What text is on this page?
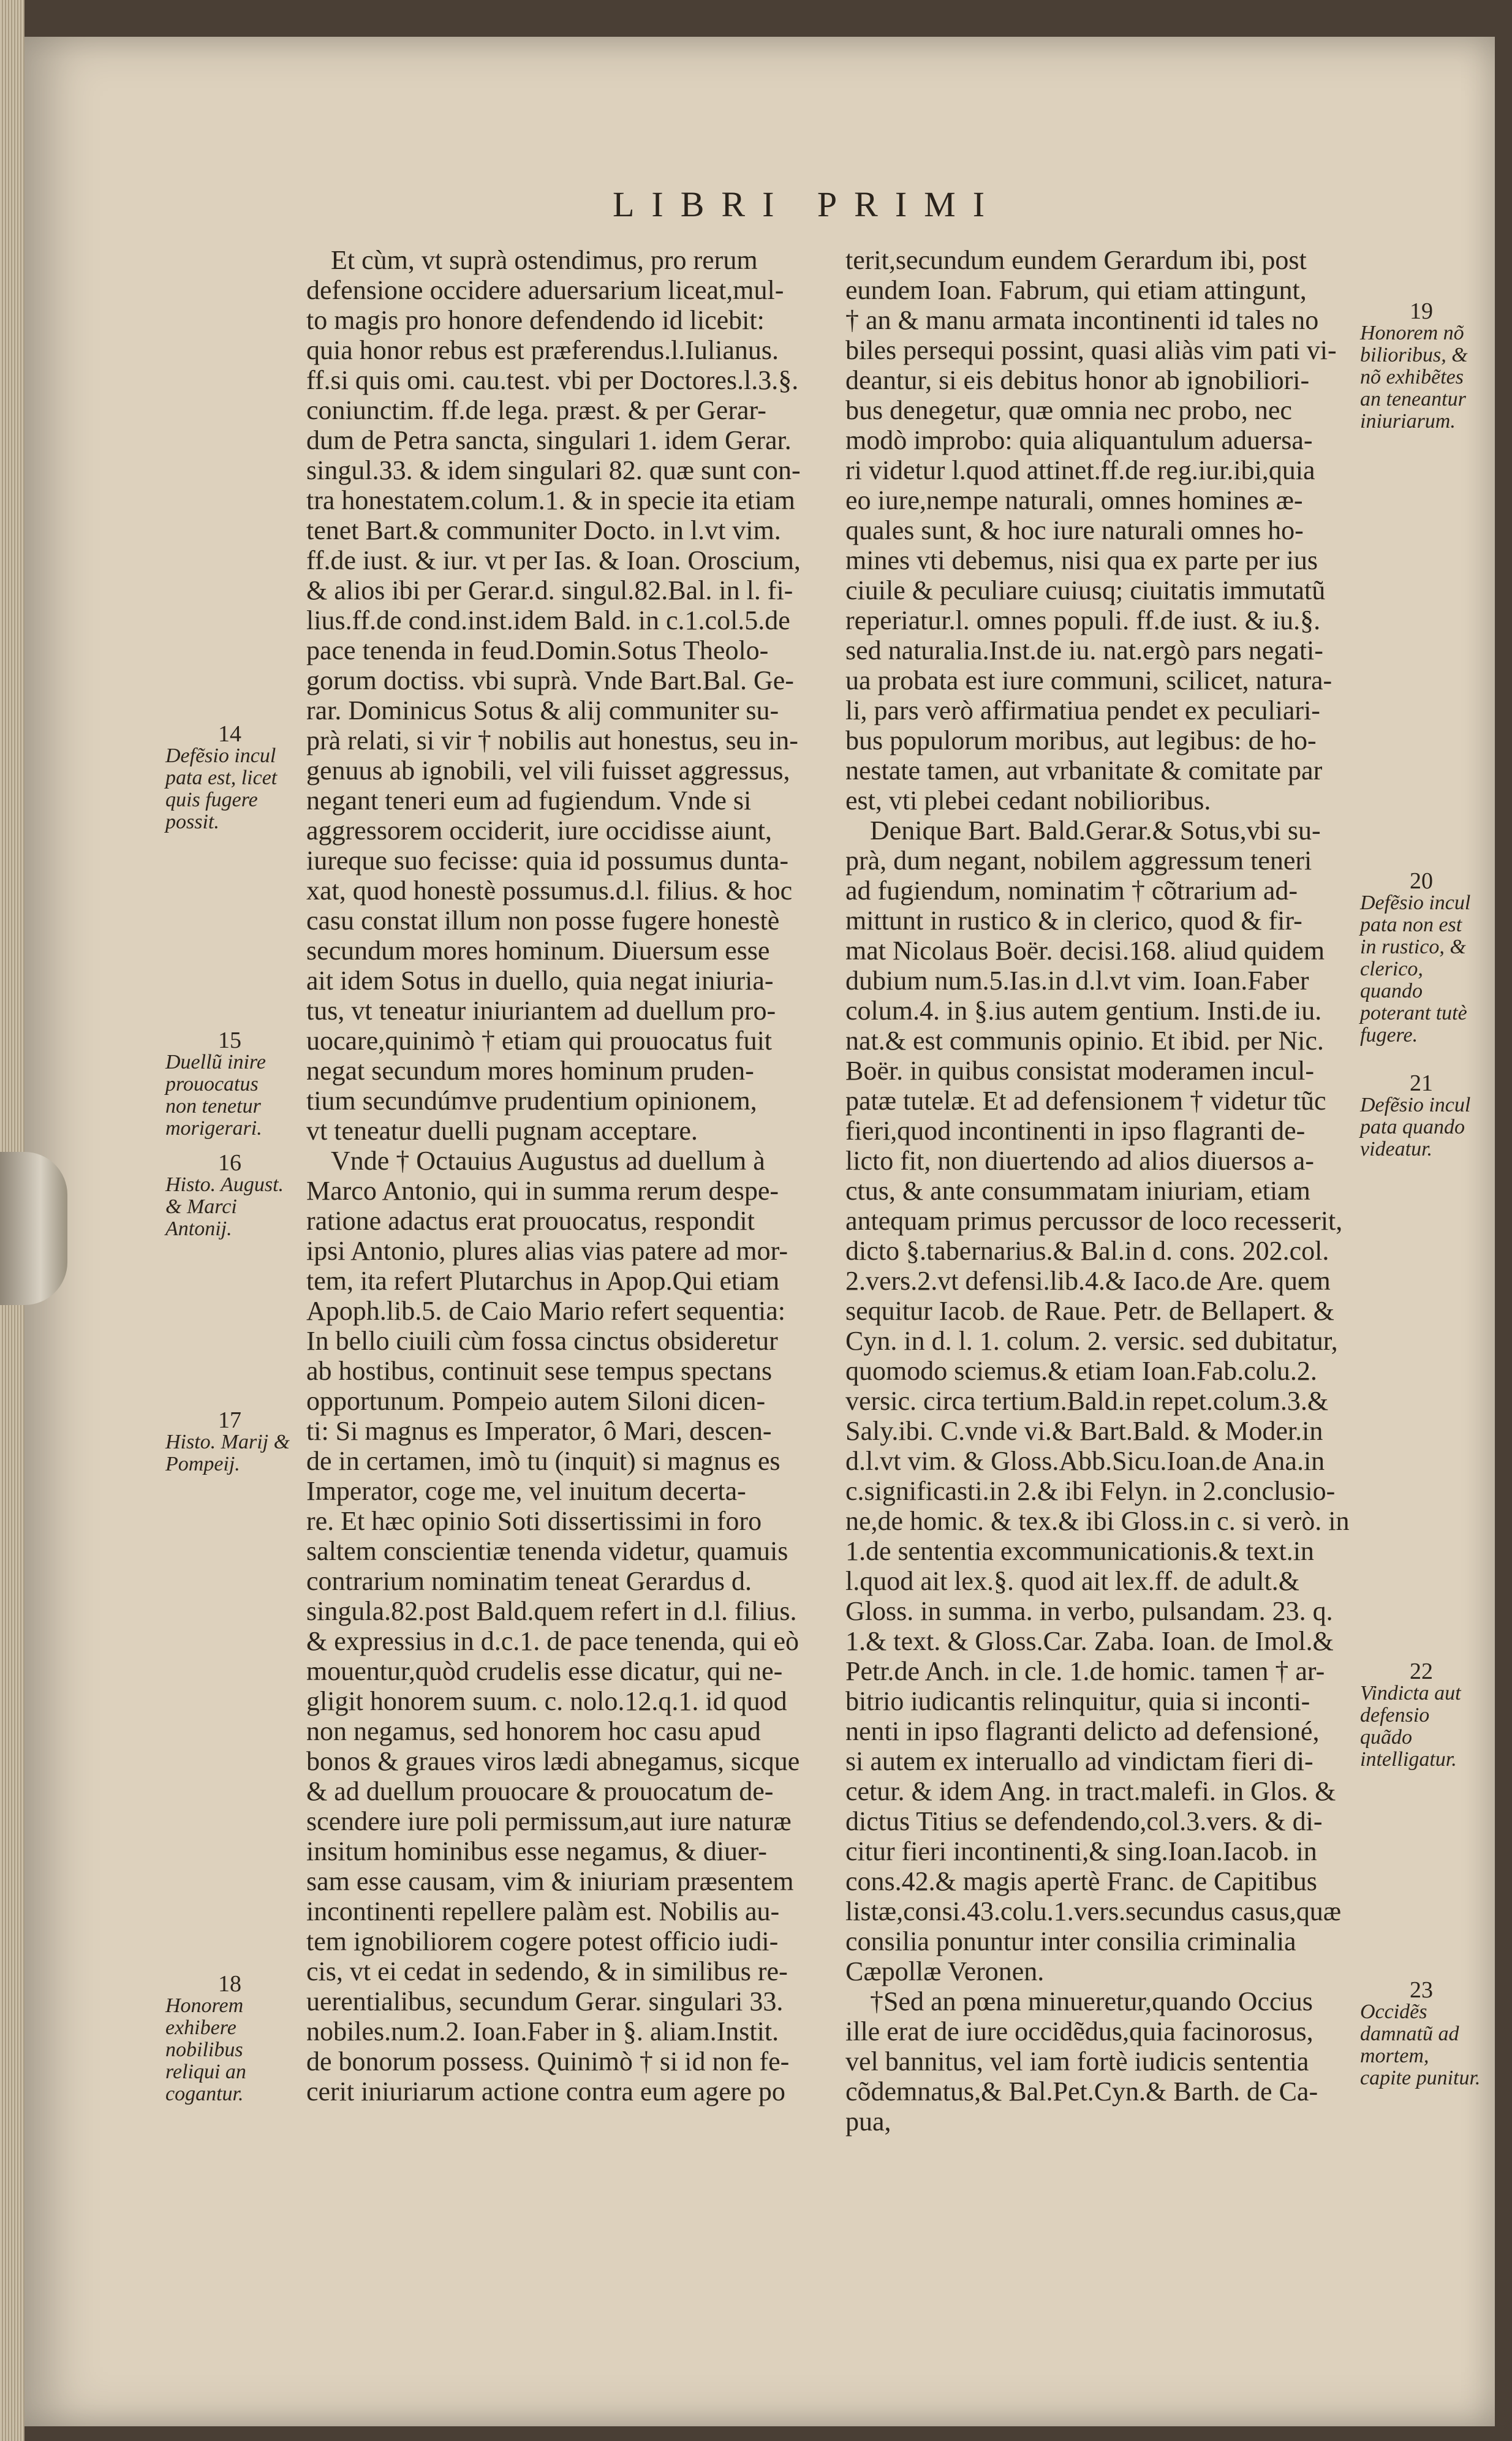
LIBRI PRIMI
Et cùm, vt suprà ostendimus, pro rerum
defensione occidere aduersarium liceat,mul-
to magis pro honore defendendo id licebit:
quia honor rebus est præferendus.l.Iulianus.
ff.si quis omi. cau.test. vbi per Doctores.l.3.§.
coniunctim. ff.de lega. præst. & per Gerar-
dum de Petra sancta, singulari 1. idem Gerar.
singul.33. & idem singulari 82. quæ sunt con-
tra honestatem.colum.1. & in specie ita etiam
tenet Bart.& communiter Docto. in l.vt vim.
ff.de iust. & iur. vt per Ias. & Ioan. Oroscium,
& alios ibi per Gerar.d. singul.82.Bal. in l. fi-
lius.ff.de cond.inst.idem Bald. in c.1.col.5.de
pace tenenda in feud.Domin.Sotus Theolo-
gorum doctiss. vbi suprà. Vnde Bart.Bal. Ge-
rar. Dominicus Sotus & alij communiter su-
prà relati, si vir † nobilis aut honestus, seu in-
genuus ab ignobili, vel vili fuisset aggressus,
negant teneri eum ad fugiendum. Vnde si
aggressorem occiderit, iure occidisse aiunt,
iureque suo fecisse: quia id possumus dunta-
xat, quod honestè possumus.d.l. filius. & hoc
casu constat illum non posse fugere honestè
secundum mores hominum. Diuersum esse
ait idem Sotus in duello, quia negat iniuria-
tus, vt teneatur iniuriantem ad duellum pro-
uocare,quinimò † etiam qui prouocatus fuit
negat secundum mores hominum pruden-
tium secundúmve prudentium opinionem,
vt teneatur duelli pugnam acceptare.
Vnde † Octauius Augustus ad duellum à
Marco Antonio, qui in summa rerum despe-
ratione adactus erat prouocatus, respondit
ipsi Antonio, plures alias vias patere ad mor-
tem, ita refert Plutarchus in Apop.Qui etiam
Apoph.lib.5. de Caio Mario refert sequentia:
In bello ciuili cùm fossa cinctus obsideretur
ab hostibus, continuit sese tempus spectans
opportunum. Pompeio autem Siloni dicen-
ti: Si magnus es Imperator, ô Mari, descen-
de in certamen, imò tu (inquit) si magnus es
Imperator, coge me, vel inuitum decerta-
re. Et hæc opinio Soti dissertissimi in foro
saltem conscientiæ tenenda videtur, quamuis
contrarium nominatim teneat Gerardus d.
singula.82.post Bald.quem refert in d.l. filius.
& expressius in d.c.1. de pace tenenda, qui eò
mouentur,quòd crudelis esse dicatur, qui ne-
gligit honorem suum. c. nolo.12.q.1. id quod
non negamus, sed honorem hoc casu apud
bonos & graues viros lædi abnegamus, sicque
& ad duellum prouocare & prouocatum de-
scendere iure poli permissum,aut iure naturæ
insitum hominibus esse negamus, & diuer-
sam esse causam, vim & iniuriam præsentem
incontinenti repellere palàm est. Nobilis au-
tem ignobiliorem cogere potest officio iudi-
cis, vt ei cedat in sedendo, & in similibus re-
uerentialibus, secundum Gerar. singulari 33.
nobiles.num.2. Ioan.Faber in §. aliam.Instit.
de bonorum possess. Quinimò † si id non fe-
cerit iniuriarum actione contra eum agere po
terit,secundum eundem Gerardum ibi, post
eundem Ioan. Fabrum, qui etiam attingunt,
† an & manu armata incontinenti id tales no
biles persequi possint, quasi aliàs vim pati vi-
deantur, si eis debitus honor ab ignobiliori-
bus denegetur, quæ omnia nec probo, nec
modò improbo: quia aliquantulum aduersa-
ri videtur l.quod attinet.ff.de reg.iur.ibi,quia
eo iure,nempe naturali, omnes homines æ-
quales sunt, & hoc iure naturali omnes ho-
mines vti debemus, nisi qua ex parte per ius
ciuile & peculiare cuiusq; ciuitatis immutatũ
reperiatur.l. omnes populi. ff.de iust. & iu.§.
sed naturalia.Inst.de iu. nat.ergò pars negati-
ua probata est iure communi, scilicet, natura-
li, pars verò affirmatiua pendet ex peculiari-
bus populorum moribus, aut legibus: de ho-
nestate tamen, aut vrbanitate & comitate par
est, vti plebei cedant nobilioribus.
Denique Bart. Bald.Gerar.& Sotus,vbi su-
prà, dum negant, nobilem aggressum teneri
ad fugiendum, nominatim † cõtrarium ad-
mittunt in rustico & in clerico, quod & fir-
mat Nicolaus Boër. decisi.168. aliud quidem
dubium num.5.Ias.in d.l.vt vim. Ioan.Faber
colum.4. in §.ius autem gentium. Insti.de iu.
nat.& est communis opinio. Et ibid. per Nic.
Boër. in quibus consistat moderamen incul-
patæ tutelæ. Et ad defensionem † videtur tũc
fieri,quod incontinenti in ipso flagranti de-
licto fit, non diuertendo ad alios diuersos a-
ctus, & ante consummatam iniuriam, etiam
antequam primus percussor de loco recesserit,
dicto §.tabernarius.& Bal.in d. cons. 202.col.
2.vers.2.vt defensi.lib.4.& Iaco.de Are. quem
sequitur Iacob. de Raue. Petr. de Bellapert. &
Cyn. in d. l. 1. colum. 2. versic. sed dubitatur,
quomodo sciemus.& etiam Ioan.Fab.colu.2.
versic. circa tertium.Bald.in repet.colum.3.&
Saly.ibi. C.vnde vi.& Bart.Bald. & Moder.in
d.l.vt vim. & Gloss.Abb.Sicu.Ioan.de Ana.in
c.significasti.in 2.& ibi Felyn. in 2.conclusio-
ne,de homic. & tex.& ibi Gloss.in c. si verò. in
1.de sententia excommunicationis.& text.in
l.quod ait lex.§. quod ait lex.ff. de adult.&
Gloss. in summa. in verbo, pulsandam. 23. q.
1.& text. & Gloss.Car. Zaba. Ioan. de Imol.&
Petr.de Anch. in cle. 1.de homic. tamen † ar-
bitrio iudicantis relinquitur, quia si inconti-
nenti in ipso flagranti delicto ad defensioné,
si autem ex interuallo ad vindictam fieri di-
cetur. & idem Ang. in tract.malefi. in Glos. &
dictus Titius se defendendo,col.3.vers. & di-
citur fieri incontinenti,& sing.Ioan.Iacob. in
cons.42.& magis apertè Franc. de Capitibus
listæ,consi.43.colu.1.vers.secundus casus,quæ
consilia ponuntur inter consilia criminalia
Cæpollæ Veronen.
†Sed an pœna minueretur,quando Occius
ille erat de iure occidẽdus,quia facinorosus,
vel bannitus, vel iam fortè iudicis sententia
cõdemnatus,& Bal.Pet.Cyn.& Barth. de Ca-
pua,
14
Defẽsio incul pata est, licet quis fugere possit.
15
Duellũ inire prouocatus non tenetur morigerari.
16
Histo. August. & Marci Antonij.
17
Histo. Marij & Pompeij.
18
Honorem exhibere nobilibus reliqui an cogantur.
19
Honorem nõ bilioribus, & nõ exhibẽtes an teneantur iniuriarum.
20
Defẽsio incul pata non est in rustico, & clerico, quando poterant tutè fugere.
21
Defẽsio incul pata quando videatur.
22
Vindicta aut defensio quãdo intelligatur.
23
Occidẽs damnatũ ad mortem, capite punitur.
